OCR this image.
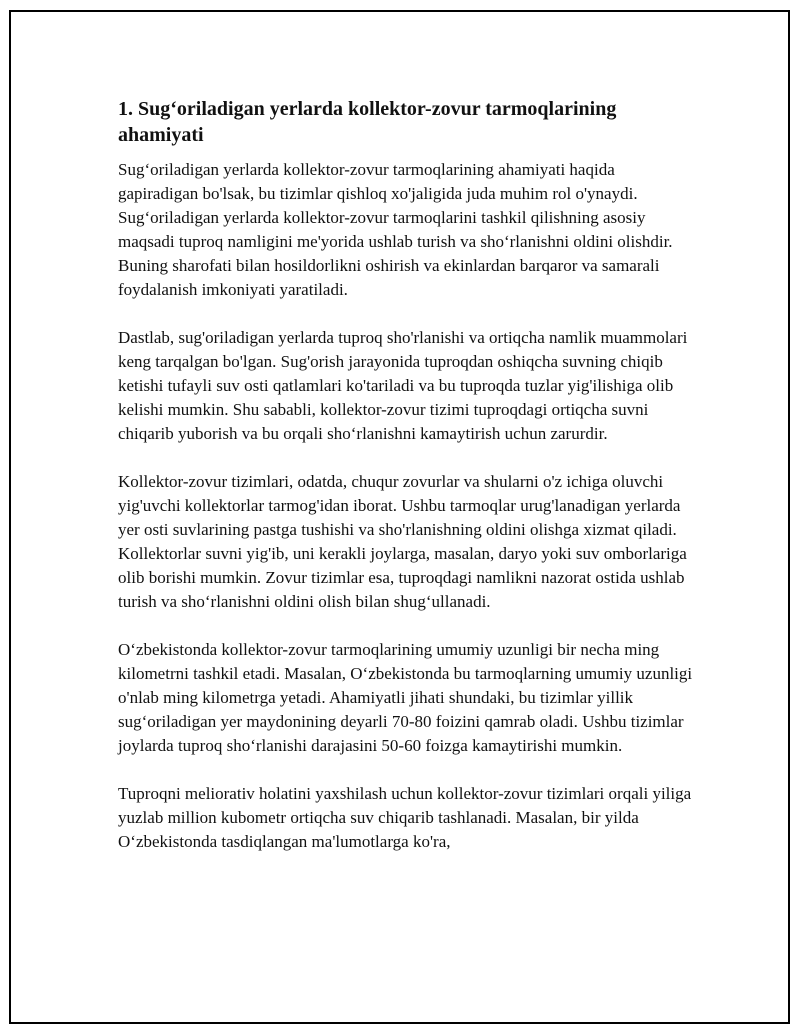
1. Sug‘oriladigan yerlarda kollektor-zovur tarmoqlarining ahamiyati

Sug‘oriladigan yerlarda kollektor-zovur tarmoqlarining ahamiyati haqida gapiradigan bo'lsak, bu tizimlar qishloq xo'jaligida juda muhim rol o'ynaydi. Sug‘oriladigan yerlarda kollektor-zovur tarmoqlarini tashkil qilishning asosiy maqsadi tuproq namligini me'yorida ushlab turish va sho‘rlanishni oldini olishdir. Buning sharofati bilan hosildorlikni oshirish va ekinlardan barqaror va samarali foydalanish imkoniyati yaratiladi.

Dastlab, sug'oriladigan yerlarda tuproq sho'rlanishi va ortiqcha namlik muammolari keng tarqalgan bo'lgan. Sug'orish jarayonida tuproqdan oshiqcha suvning chiqib ketishi tufayli suv osti qatlamlari ko'tariladi va bu tuproqda tuzlar yig'ilishiga olib kelishi mumkin. Shu sababli, kollektor-zovur tizimi tuproqdagi ortiqcha suvni chiqarib yuborish va bu orqali sho‘rlanishni kamaytirish uchun zarurdir.

Kollektor-zovur tizimlari, odatda, chuqur zovurlar va shularni o'z ichiga oluvchi yig'uvchi kollektorlar tarmog'idan iborat. Ushbu tarmoqlar urug'lanadigan yerlarda yer osti suvlarining pastga tushishi va sho'rlanishning oldini olishga xizmat qiladi. Kollektorlar suvni yig'ib, uni kerakli joylarga, masalan, daryo yoki suv omborlariga olib borishi mumkin. Zovur tizimlar esa, tuproqdagi namlikni nazorat ostida ushlab turish va sho‘rlanishni oldini olish bilan shug‘ullanadi.

O‘zbekistonda kollektor-zovur tarmoqlarining umumiy uzunligi bir necha ming kilometrni tashkil etadi. Masalan, O‘zbekistonda bu tarmoqlarning umumiy uzunligi o'nlab ming kilometrga yetadi. Ahamiyatli jihati shundaki, bu tizimlar yillik sug‘oriladigan yer maydonining deyarli 70-80 foizini qamrab oladi. Ushbu tizimlar joylarda tuproq sho‘rlanishi darajasini 50-60 foizga kamaytirishi mumkin.

Tuproqni meliorativ holatini yaxshilash uchun kollektor-zovur tizimlari orqali yiliga yuzlab million kubometr ortiqcha suv chiqarib tashlanadi. Masalan, bir yilda O‘zbekistonda tasdiqlangan ma'lumotlarga ko'ra,
